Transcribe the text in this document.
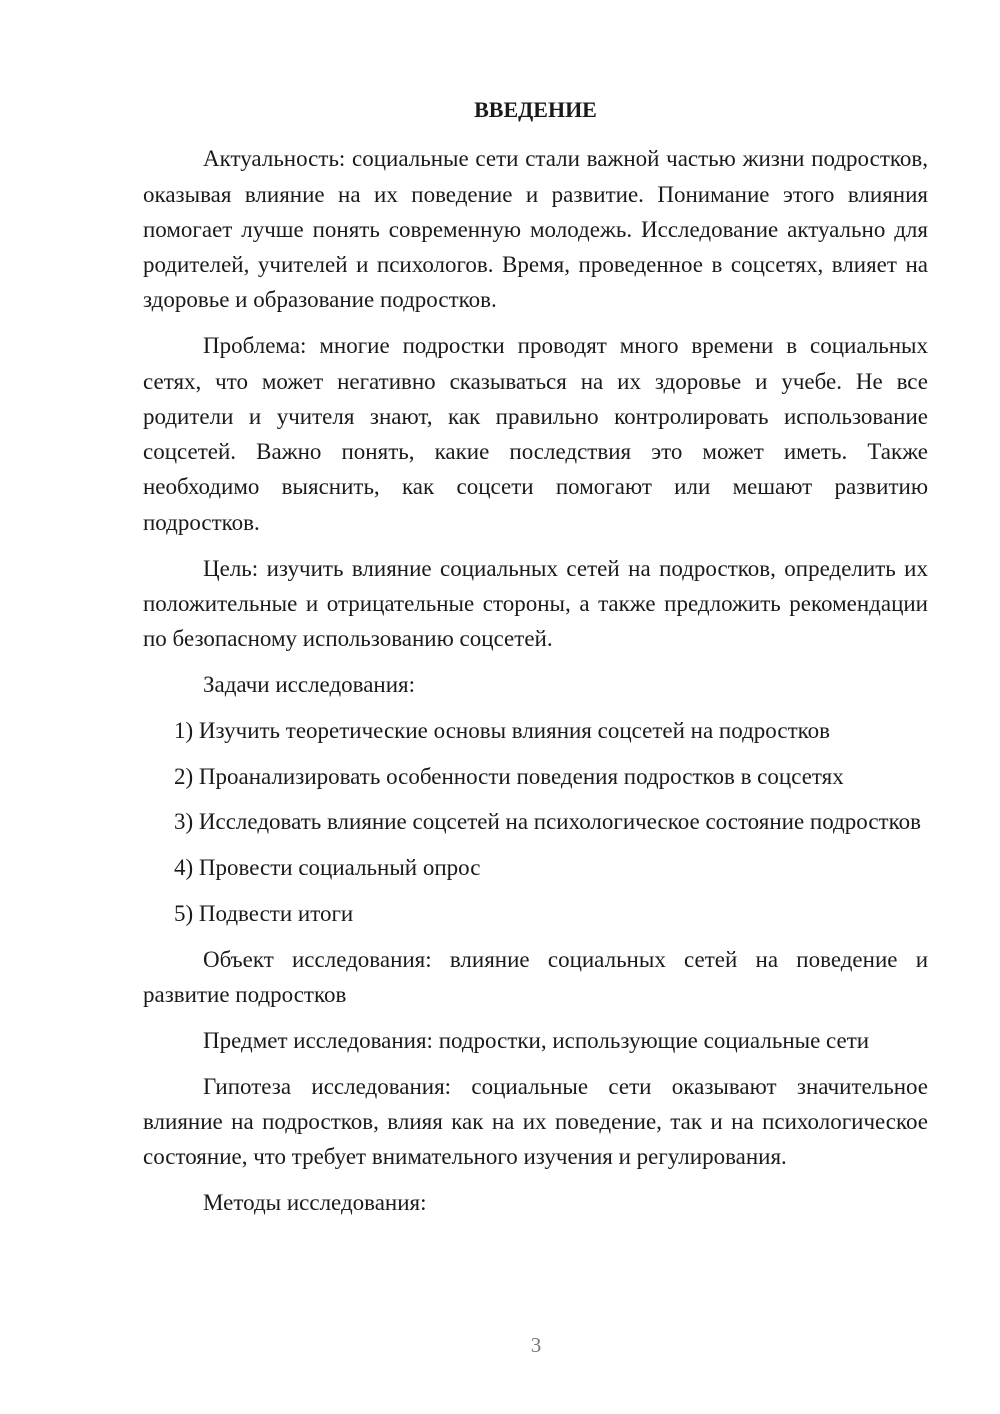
ВВЕДЕНИЕ

Актуальность: социальные сети стали важной частью жизни подростков, оказывая влияние на их поведение и развитие. Понимание этого влияния помогает лучше понять современную молодежь. Исследование актуально для родителей, учителей и психологов. Время, проведенное в соцсетях, влияет на здоровье и образование подростков.

Проблема: многие подростки проводят много времени в социальных сетях, что может негативно сказываться на их здоровье и учебе. Не все родители и учителя знают, как правильно контролировать использование соцсетей. Важно понять, какие последствия это может иметь. Также необходимо выяснить, как соцсети помогают или мешают развитию подростков.

Цель: изучить влияние социальных сетей на подростков, определить их положительные и отрицательные стороны, а также предложить рекомендации по безопасному использованию соцсетей.

Задачи исследования:

1) Изучить теоретические основы влияния соцсетей на подростков

2) Проанализировать особенности поведения подростков в соцсетях

3) Исследовать влияние соцсетей на психологическое состояние подростков

4) Провести социальный опрос

5) Подвести итоги

Объект исследования: влияние социальных сетей на поведение и развитие подростков

Предмет исследования: подростки, использующие социальные сети

Гипотеза исследования: социальные сети оказывают значительное влияние на подростков, влияя как на их поведение, так и на психологическое состояние, что требует внимательного изучения и регулирования.

Методы исследования:

3
